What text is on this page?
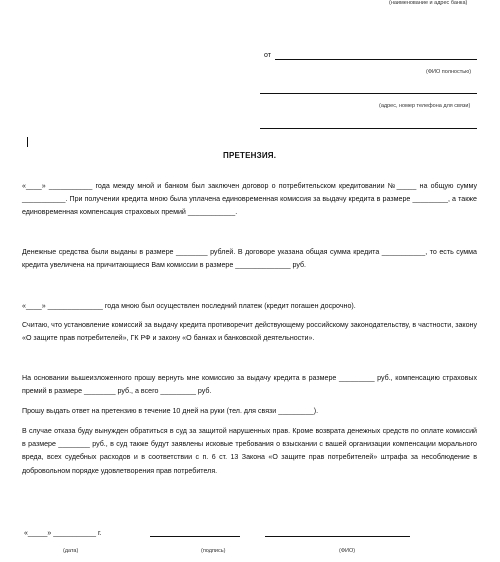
(наименование и адрес банка)
от
(ФИО полностью)
(адрес, номер телефона для связи)
ПРЕТЕНЗИЯ.
«____» ___________ года между мной и банком был заключен договор о потребительском кредитовании №_____ на общую сумму ___________. При получении кредита мною была уплачена единовременная комиссия за выдачу кредита в размере _________, а также единовременная компенсация страховых премий ____________.
Денежные средства были выданы в размере ________ рублей. В договоре указана общая сумма кредита ___________, то есть сумма кредита увеличена на причитающиеся Вам комиссии в размере ______________ руб.
«____» ______________ года мною был осуществлен последний платеж (кредит погашен досрочно).
Считаю, что установление комиссий за выдачу кредита противоречит действующему российскому законодательству, в частности, закону «О защите прав потребителей», ГК РФ и закону «О банках и банковской деятельности».
На основании вышеизложенного прошу вернуть мне комиссию за выдачу кредита в размере _________ руб., компенсацию страховых премий в размере ________ руб., а всего _________ руб.
Прошу выдать ответ на претензию в течение 10 дней на руки (тел. для связи _________).
В случае отказа буду вынужден обратиться в суд за защитой нарушенных прав. Кроме возврата денежных средств по оплате комиссий в размере ________ руб., в суд также будут заявлены исковые требования о взыскании с вашей организации компенсации морального вреда, всех судебных расходов и в соответствии с п. 6 ст. 13 Закона «О защите прав потребителей» штрафа за несоблюдение в добровольном порядке удовлетворения прав потребителя.
«_____» ___________ г.
(дата)	(подпись)	(ФИО)
